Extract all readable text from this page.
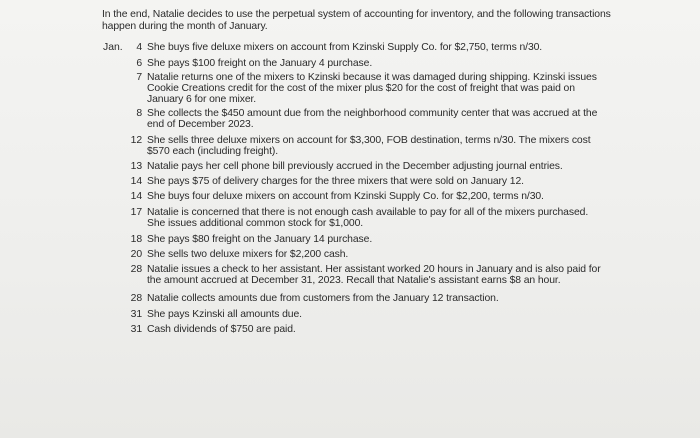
In the end, Natalie decides to use the perpetual system of accounting for inventory, and the following transactions happen during the month of January.
Jan.	4 She buys five deluxe mixers on account from Kzinski Supply Co. for $2,750, terms n/30.
6 She pays $100 freight on the January 4 purchase.
7 Natalie returns one of the mixers to Kzinski because it was damaged during shipping. Kzinski issues Cookie Creations credit for the cost of the mixer plus $20 for the cost of freight that was paid on January 6 for one mixer.
8 She collects the $450 amount due from the neighborhood community center that was accrued at the end of December 2023.
12 She sells three deluxe mixers on account for $3,300, FOB destination, terms n/30. The mixers cost $570 each (including freight).
13 Natalie pays her cell phone bill previously accrued in the December adjusting journal entries.
14 She pays $75 of delivery charges for the three mixers that were sold on January 12.
14 She buys four deluxe mixers on account from Kzinski Supply Co. for $2,200, terms n/30.
17 Natalie is concerned that there is not enough cash available to pay for all of the mixers purchased. She issues additional common stock for $1,000.
18 She pays $80 freight on the January 14 purchase.
20 She sells two deluxe mixers for $2,200 cash.
28 Natalie issues a check to her assistant. Her assistant worked 20 hours in January and is also paid for the amount accrued at December 31, 2023. Recall that Natalie's assistant earns $8 an hour.
28 Natalie collects amounts due from customers from the January 12 transaction.
31 She pays Kzinski all amounts due.
31 Cash dividends of $750 are paid.
